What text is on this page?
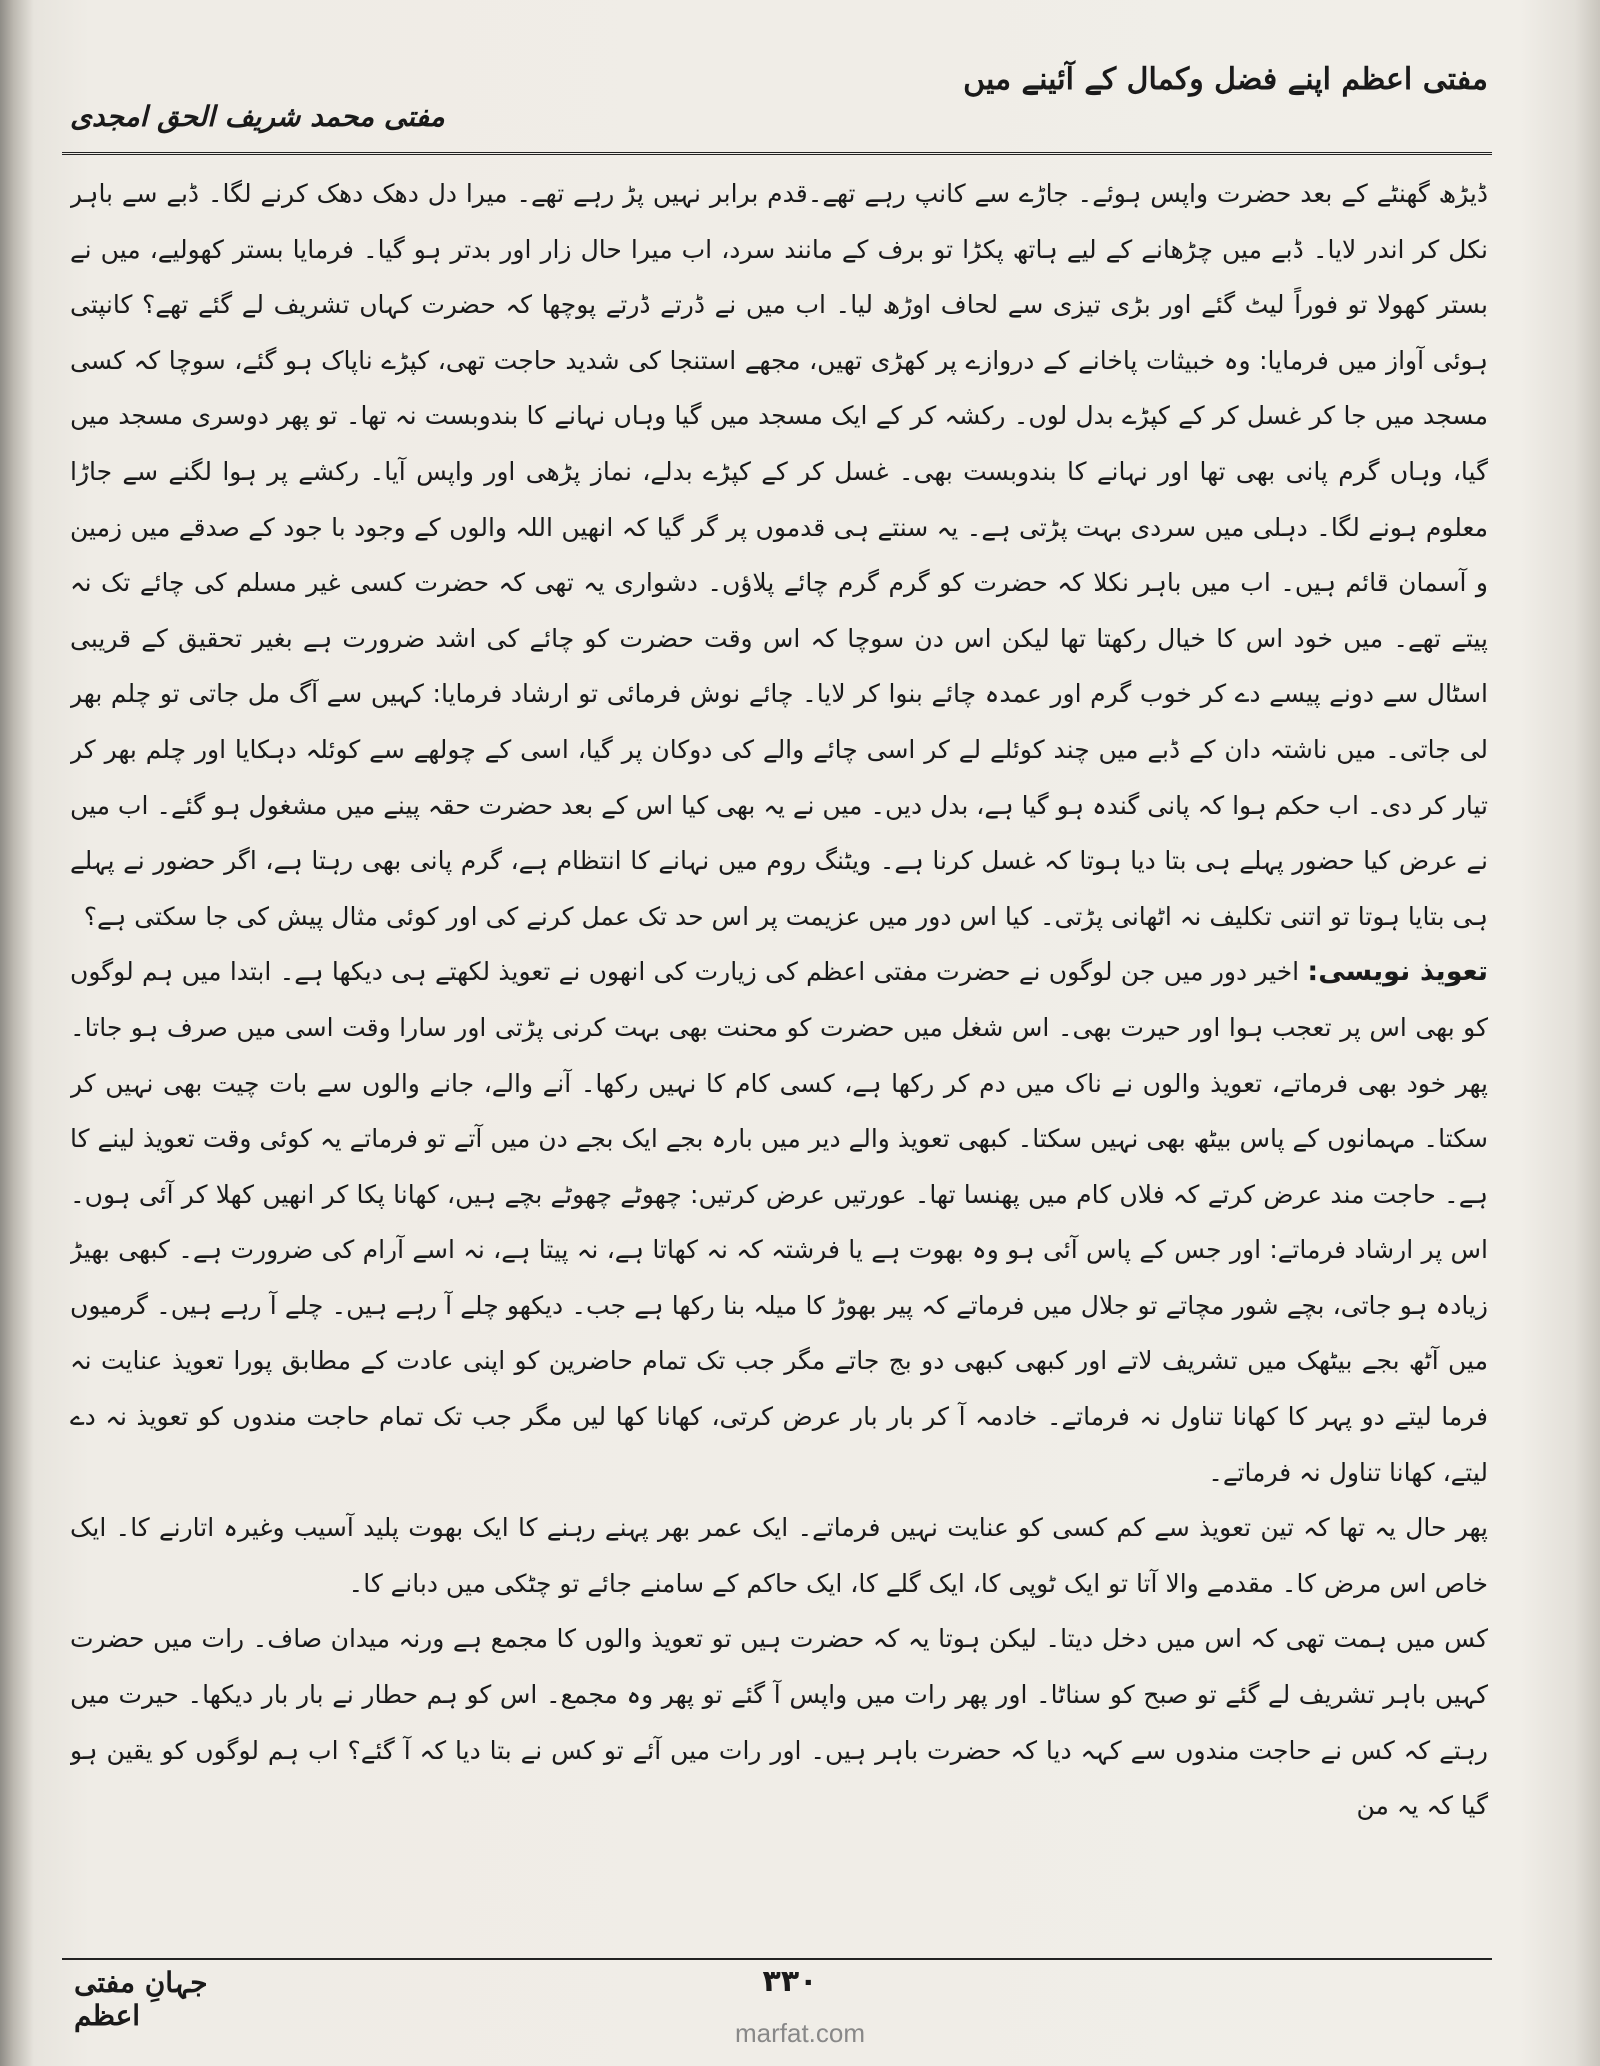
مفتی اعظم اپنے فضل وکمال کے آئینے میں
مفتی محمد شریف الحق امجدی

ڈیڑھ گھنٹے کے بعد حضرت واپس ہوئے۔ جاڑے سے کانپ رہے تھے۔قدم برابر نہیں پڑ رہے تھے۔ میرا دل دھک دھک کرنے لگا۔ ڈبے سے باہر نکل کر اندر لایا۔ ڈبے میں چڑھانے کے لیے ہاتھ پکڑا تو برف کے مانند سرد، اب میرا حال زار اور بدتر ہو گیا۔ فرمایا بستر کھولیے، میں نے بستر کھولا تو فوراً لیٹ گئے اور بڑی تیزی سے لحاف اوڑھ لیا۔ اب میں نے ڈرتے ڈرتے پوچھا کہ حضرت کہاں تشریف لے گئے تھے؟ کانپتی ہوئی آواز میں فرمایا: وہ خبیثات پاخانے کے دروازے پر کھڑی تھیں، مجھے استنجا کی شدید حاجت تھی، کپڑے ناپاک ہو گئے، سوچا کہ کسی مسجد میں جا کر غسل کر کے کپڑے بدل لوں۔ رکشہ کر کے ایک مسجد میں گیا وہاں نہانے کا بندوبست نہ تھا۔ تو پھر دوسری مسجد میں گیا، وہاں گرم پانی بھی تھا اور نہانے کا بندوبست بھی۔ غسل کر کے کپڑے بدلے، نماز پڑھی اور واپس آیا۔ رکشے پر ہوا لگنے سے جاڑا معلوم ہونے لگا۔ دہلی میں سردی بہت پڑتی ہے۔ یہ سنتے ہی قدموں پر گر گیا کہ انھیں اللہ والوں کے وجود با جود کے صدقے میں زمین و آسمان قائم ہیں۔ اب میں باہر نکلا کہ حضرت کو گرم گرم چائے پلاؤں۔ دشواری یہ تھی کہ حضرت کسی غیر مسلم کی چائے تک نہ پیتے تھے۔ میں خود اس کا خیال رکھتا تھا لیکن اس دن سوچا کہ اس وقت حضرت کو چائے کی اشد ضرورت ہے بغیر تحقیق کے قریبی اسٹال سے دونے پیسے دے کر خوب گرم اور عمدہ چائے بنوا کر لایا۔ چائے نوش فرمائی تو ارشاد فرمایا: کہیں سے آگ مل جاتی تو چلم بھر لی جاتی۔ میں ناشتہ دان کے ڈبے میں چند کوئلے لے کر اسی چائے والے کی دوکان پر گیا، اسی کے چولھے سے کوئلہ دہکایا اور چلم بھر کر تیار کر دی۔ اب حکم ہوا کہ پانی گندہ ہو گیا ہے، بدل دیں۔ میں نے یہ بھی کیا اس کے بعد حضرت حقہ پینے میں مشغول ہو گئے۔ اب میں نے عرض کیا حضور پہلے ہی بتا دیا ہوتا کہ غسل کرنا ہے۔ ویٹنگ روم میں نہانے کا انتظام ہے، گرم پانی بھی رہتا ہے، اگر حضور نے پہلے ہی بتایا ہوتا تو اتنی تکلیف نہ اٹھانی پڑتی۔ کیا اس دور میں عزیمت پر اس حد تک عمل کرنے کی اور کوئی مثال پیش کی جا سکتی ہے؟

تعویذ نویسی: اخیر دور میں جن لوگوں نے حضرت مفتی اعظم کی زیارت کی انھوں نے تعویذ لکھتے ہی دیکھا ہے۔ ابتدا میں ہم لوگوں کو بھی اس پر تعجب ہوا اور حیرت بھی۔ اس شغل میں حضرت کو محنت بھی بہت کرنی پڑتی اور سارا وقت اسی میں صرف ہو جاتا۔ پھر خود بھی فرماتے، تعویذ والوں نے ناک میں دم کر رکھا ہے، کسی کام کا نہیں رکھا۔ آنے والے، جانے والوں سے بات چیت بھی نہیں کر سکتا۔ مہمانوں کے پاس بیٹھ بھی نہیں سکتا۔ کبھی تعویذ والے دیر میں بارہ بجے ایک بجے دن میں آتے تو فرماتے یہ کوئی وقت تعویذ لینے کا ہے۔ حاجت مند عرض کرتے کہ فلاں کام میں پھنسا تھا۔ عورتیں عرض کرتیں: چھوٹے چھوٹے بچے ہیں، کھانا پکا کر انھیں کھلا کر آئی ہوں۔ اس پر ارشاد فرماتے: اور جس کے پاس آئی ہو وہ بھوت ہے یا فرشتہ کہ نہ کھاتا ہے، نہ پیتا ہے، نہ اسے آرام کی ضرورت ہے۔ کبھی بھیڑ زیادہ ہو جاتی، بچے شور مچاتے تو جلال میں فرماتے کہ پیر بھوڑ کا میلہ بنا رکھا ہے جب۔ دیکھو چلے آ رہے ہیں۔ چلے آ رہے ہیں۔ گرمیوں میں آٹھ بجے بیٹھک میں تشریف لاتے اور کبھی کبھی دو بج جاتے مگر جب تک تمام حاضرین کو اپنی عادت کے مطابق پورا تعویذ عنایت نہ فرما لیتے دو پہر کا کھانا تناول نہ فرماتے۔ خادمہ آ کر بار بار عرض کرتی، کھانا کھا لیں مگر جب تک تمام حاجت مندوں کو تعویذ نہ دے لیتے، کھانا تناول نہ فرماتے۔

پھر حال یہ تھا کہ تین تعویذ سے کم کسی کو عنایت نہیں فرماتے۔ ایک عمر بھر پہنے رہنے کا ایک بھوت پلید آسیب وغیرہ اتارنے کا۔ ایک خاص اس مرض کا۔ مقدمے والا آتا تو ایک ٹوپی کا، ایک گلے کا، ایک حاکم کے سامنے جائے تو چٹکی میں دبانے کا۔

کس میں ہمت تھی کہ اس میں دخل دیتا۔ لیکن ہوتا یہ کہ حضرت ہیں تو تعویذ والوں کا مجمع ہے ورنہ میدان صاف۔ رات میں حضرت کہیں باہر تشریف لے گئے تو صبح کو سناٹا۔ اور پھر رات میں واپس آ گئے تو پھر وہ مجمع۔ اس کو ہم حطار نے بار بار دیکھا۔ حیرت میں رہتے کہ کس نے حاجت مندوں سے کہہ دیا کہ حضرت باہر ہیں۔ اور رات میں آئے تو کس نے بتا دیا کہ آ گئے؟ اب ہم لوگوں کو یقین ہو گیا کہ یہ من

جہانِ مفتی اعظم
۳۳۰
marfat.com
